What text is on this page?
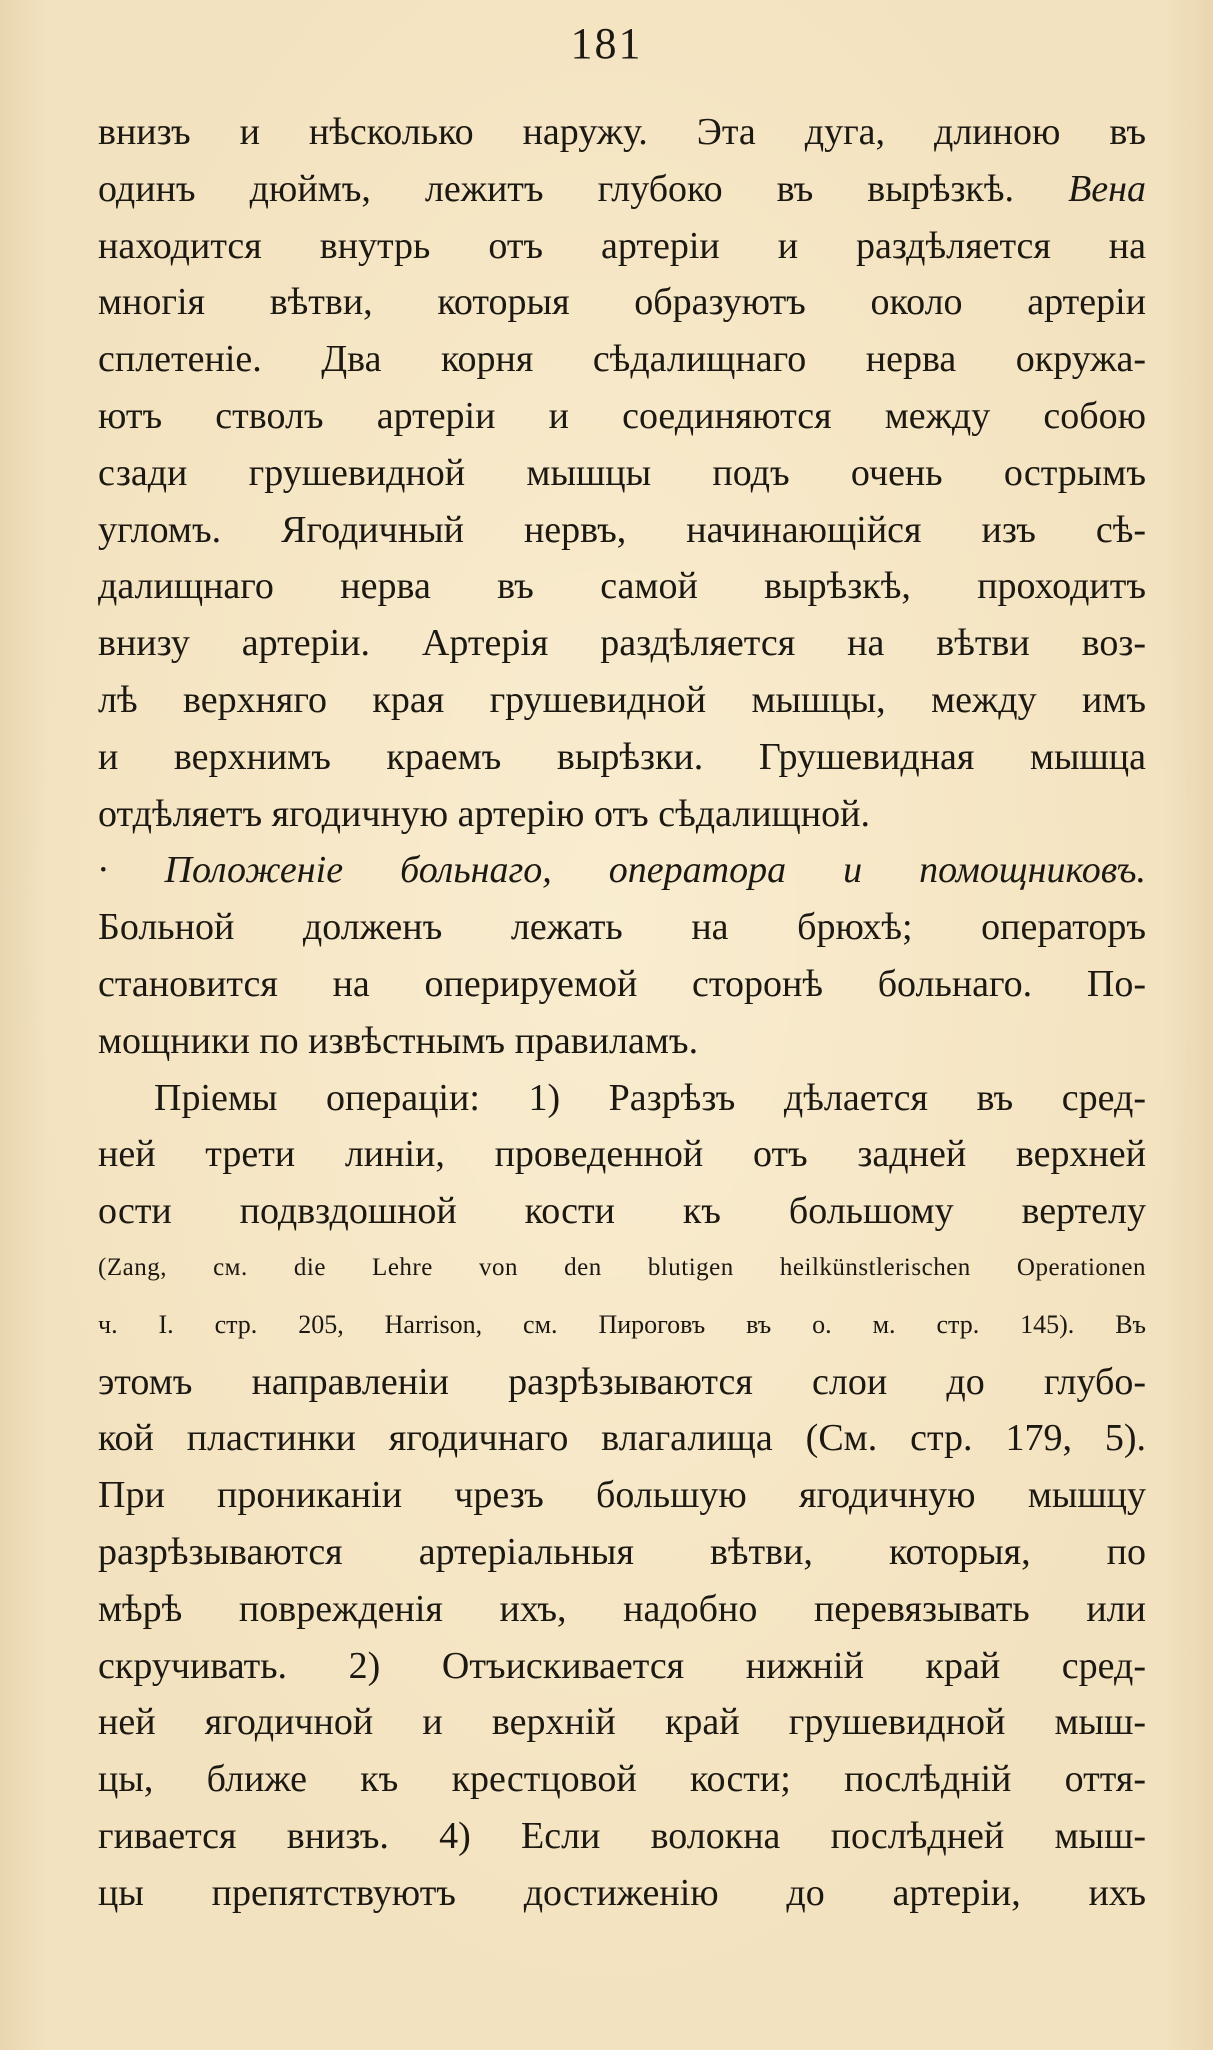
181
внизъ и нѣсколько наружу. Эта дуга, длиною въ
одинъ дюймъ, лежитъ глубоко въ вырѣзкѣ. Вена
находится внутрь отъ артеріи и раздѣляется на
многія вѣтви, которыя образуютъ около артеріи
сплетеніе. Два корня сѣдалищнаго нерва окружа-
ютъ стволъ артеріи и соединяются между собою
сзади грушевидной мышцы подъ очень острымъ
угломъ. Ягодичный нервъ, начинающійся изъ сѣ-
далищнаго нерва въ самой вырѣзкѣ, проходитъ
внизу артеріи. Артерія раздѣляется на вѣтви воз-
лѣ верхняго края грушевидной мышцы, между имъ
и верхнимъ краемъ вырѣзки. Грушевидная мышца
отдѣляетъ ягодичную артерію отъ сѣдалищной.
· Положеніе больнаго, оператора и помощниковъ.
Больной долженъ лежать на брюхѣ; операторъ
становится на оперируемой сторонѣ больнаго. По-
мощники по извѣстнымъ правиламъ.
Пріемы операціи: 1) Разрѣзъ дѣлается въ сред-
ней трети линіи, проведенной отъ задней верхней
ости подвздошной кости къ большому вертелу
(Zang, см. die Lehre von den blutigen heilkünstlerischen Operationen
ч. I. стр. 205, Harrison, см. Пироговъ въ о. м. стр. 145). Въ
этомъ направленіи разрѣзываются слои до глубо-
кой пластинки ягодичнаго влагалища (См. стр. 179, 5).
При прониканіи чрезъ большую ягодичную мышцу
разрѣзываются артеріальныя вѣтви, которыя, по
мѣрѣ поврежденія ихъ, надобно перевязывать или
скручивать. 2) Отъискивается нижній край сред-
ней ягодичной и верхній край грушевидной мыш-
цы, ближе къ крестцовой кости; послѣдній оття-
гивается внизъ. 4) Если волокна послѣдней мыш-
цы препятствуютъ достиженію до артеріи, ихъ
